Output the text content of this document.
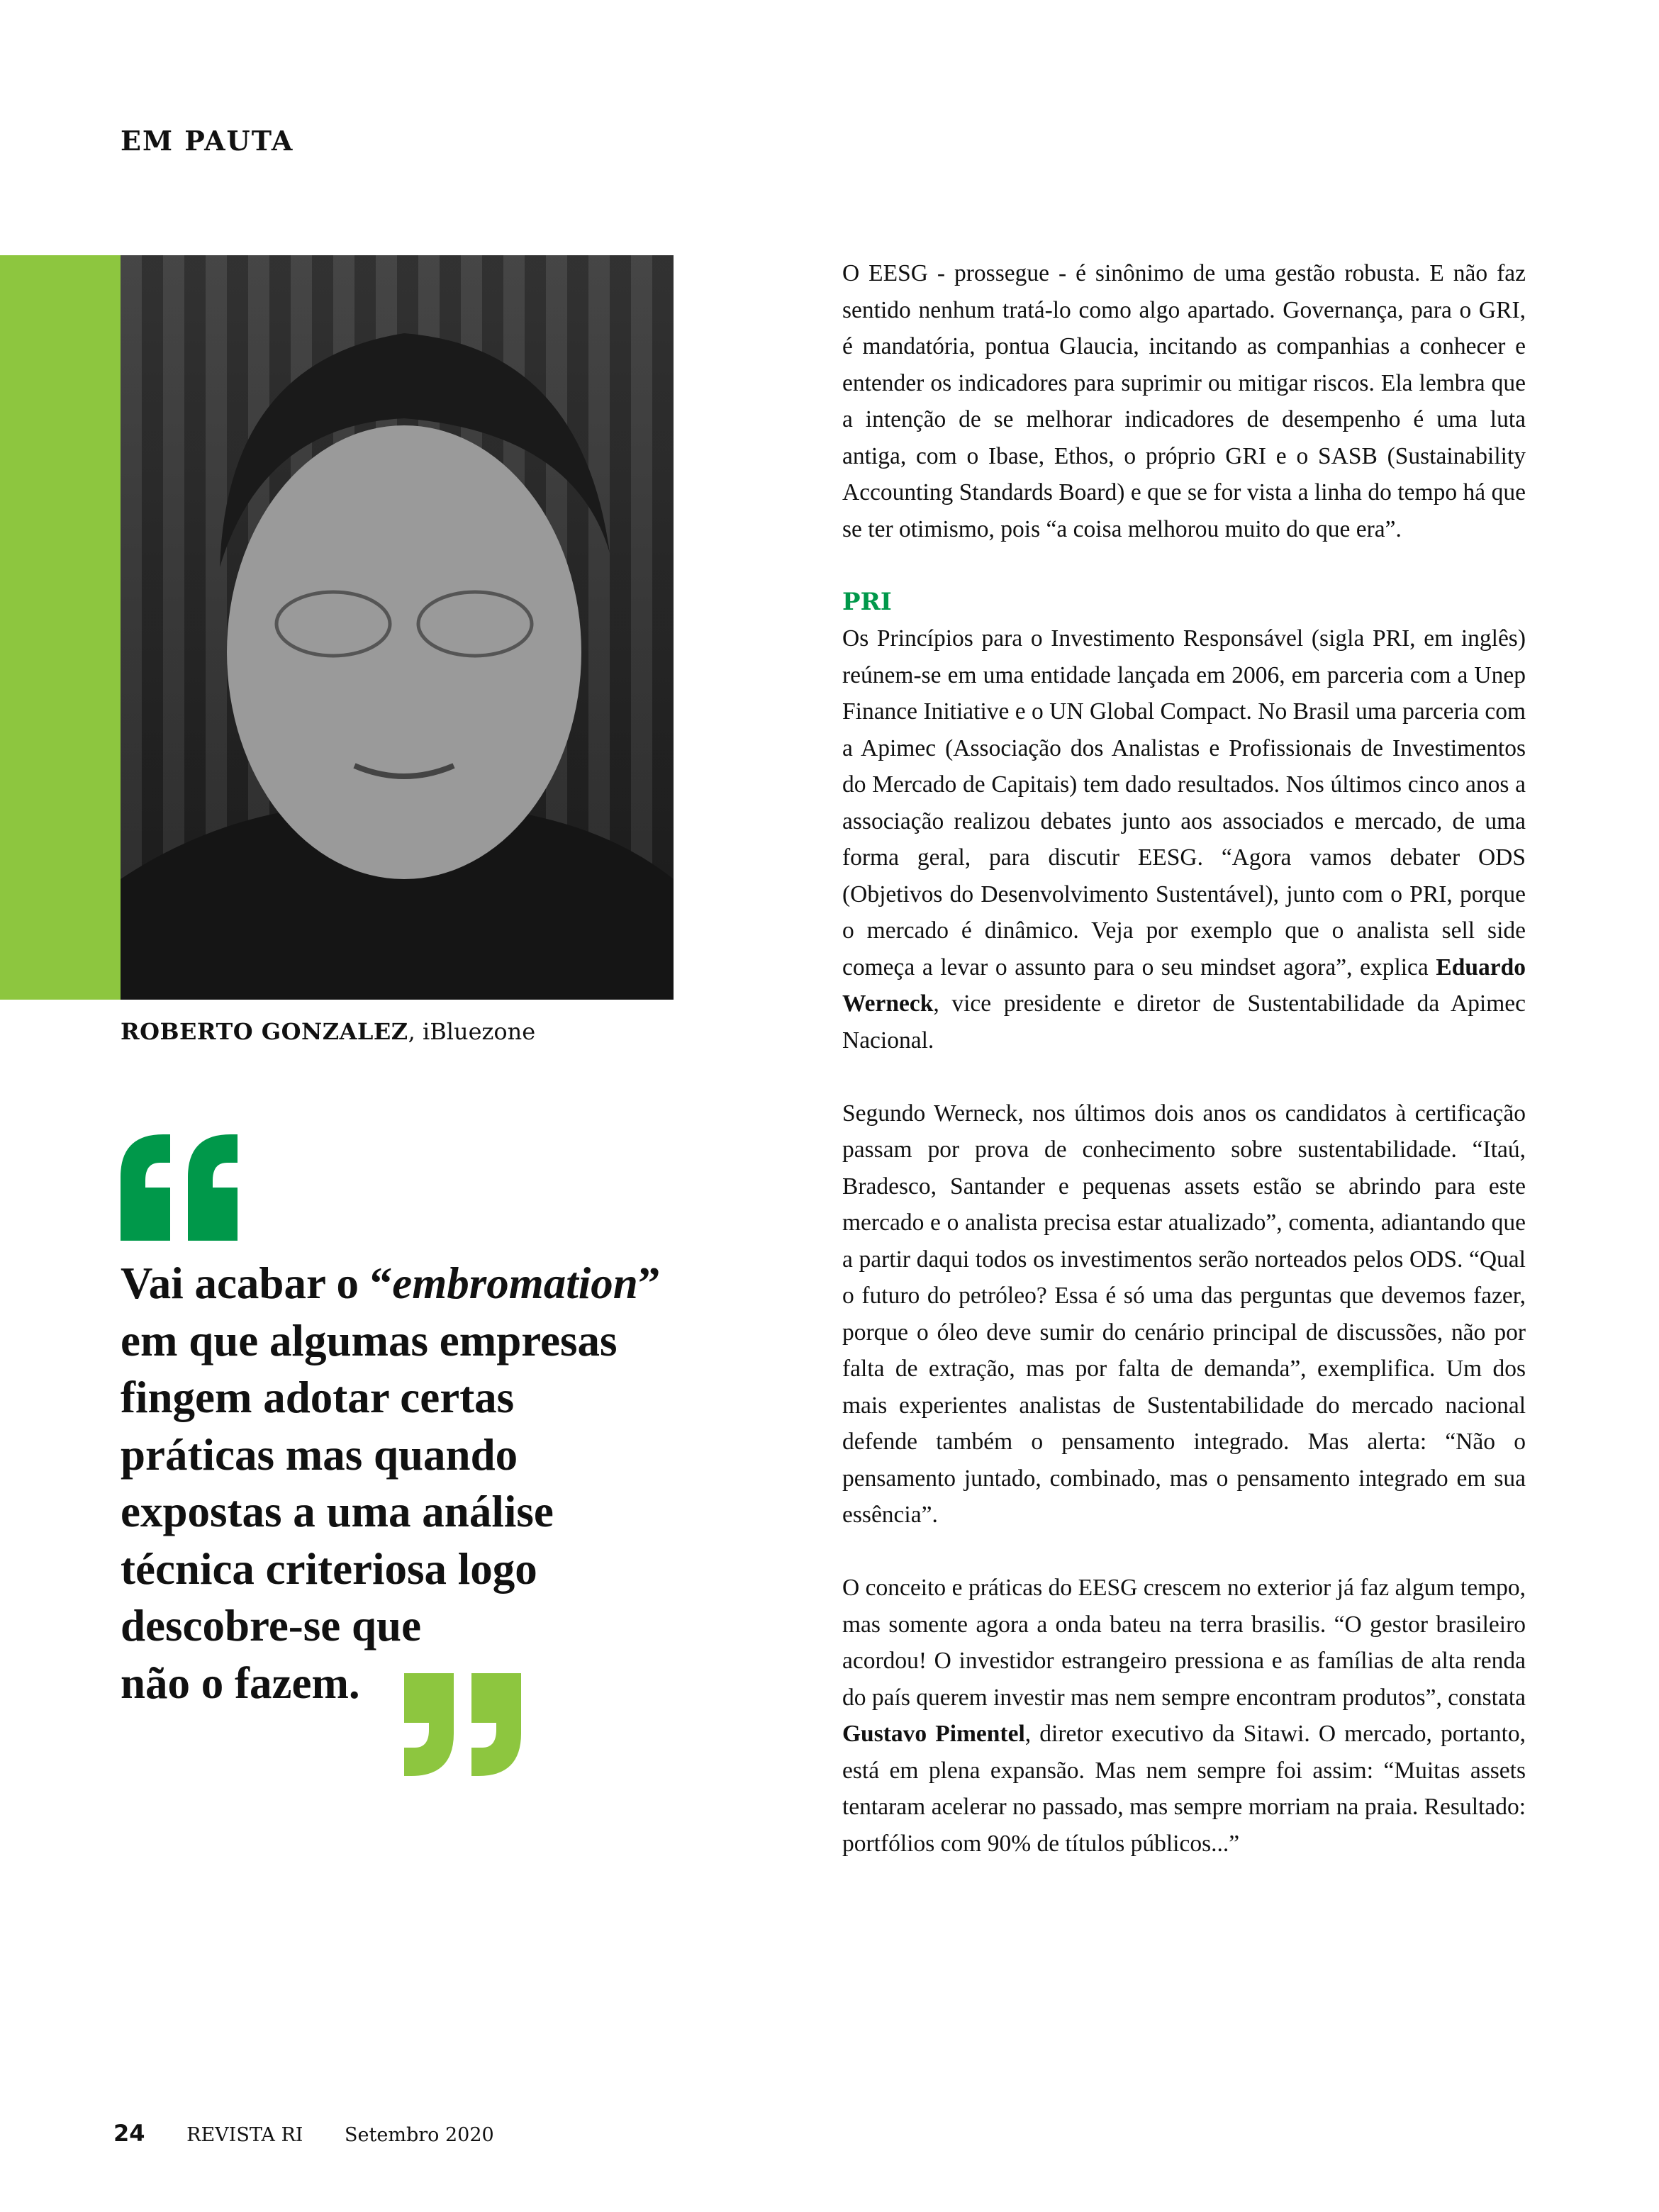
EM PAUTA
ROBERTO GONZALEZ, iBluezone
Vai acabar o “embromation”
em que algumas empresas
fingem adotar certas
práticas mas quando
expostas a uma análise
técnica criteriosa logo
descobre-se que
não o fazem.

O EESG - prossegue - é sinônimo de uma gestão robusta. E não faz sentido nenhum tratá-lo como algo apartado. Governança, para o GRI, é mandatória, pontua Glaucia, incitando as companhias a conhecer e entender os indicadores para suprimir ou mitigar riscos. Ela lembra que a intenção de se melhorar indicadores de desempenho é uma luta antiga, com o Ibase, Ethos, o próprio GRI e o SASB (Sustainability Accounting Standards Board) e que se for vista a linha do tempo há que se ter otimismo, pois “a coisa melhorou muito do que era”.

PRI

Os Princípios para o Investimento Responsável (sigla PRI, em inglês) reúnem-se em uma entidade lançada em 2006, em parceria com a Unep Finance Initiative e o UN Global Compact. No Brasil uma parceria com a Apimec (Associação dos Analistas e Profissionais de Investimentos do Mercado de Capitais) tem dado resultados. Nos últimos cinco anos a associação realizou debates junto aos associados e mercado, de uma forma geral, para discutir EESG. “Agora vamos debater ODS (Objetivos do Desenvolvimento Sustentável), junto com o PRI, porque o mercado é dinâmico. Veja por exemplo que o analista sell side começa a levar o assunto para o seu mindset agora”, explica Eduardo Werneck, vice presidente e diretor de Sustentabilidade da Apimec Nacional.

Segundo Werneck, nos últimos dois anos os candidatos à certificação passam por prova de conhecimento sobre sustentabilidade. “Itaú, Bradesco, Santander e pequenas assets estão se abrindo para este mercado e o analista precisa estar atualizado”, comenta, adiantando que a partir daqui todos os investimentos serão norteados pelos ODS. “Qual o futuro do petróleo? Essa é só uma das perguntas que devemos fazer, porque o óleo deve sumir do cenário principal de discussões, não por falta de extração, mas por falta de demanda”, exemplifica. Um dos mais experientes analistas de Sustentabilidade do mercado nacional defende também o pensamento integrado. Mas alerta: “Não o pensamento juntado, combinado, mas o pensamento integrado em sua essência”.

O conceito e práticas do EESG crescem no exterior já faz algum tempo, mas somente agora a onda bateu na terra brasilis. “O gestor brasileiro acordou! O investidor estrangeiro pressiona e as famílias de alta renda do país querem investir mas nem sempre encontram produtos”, constata Gustavo Pimentel, diretor executivo da Sitawi. O mercado, portanto, está em plena expansão. Mas nem sempre foi assim: “Muitas assets tentaram acelerar no passado, mas sempre morriam na praia. Resultado: portfólios com 90% de títulos públicos...”

24 REVISTA RI Setembro 2020
